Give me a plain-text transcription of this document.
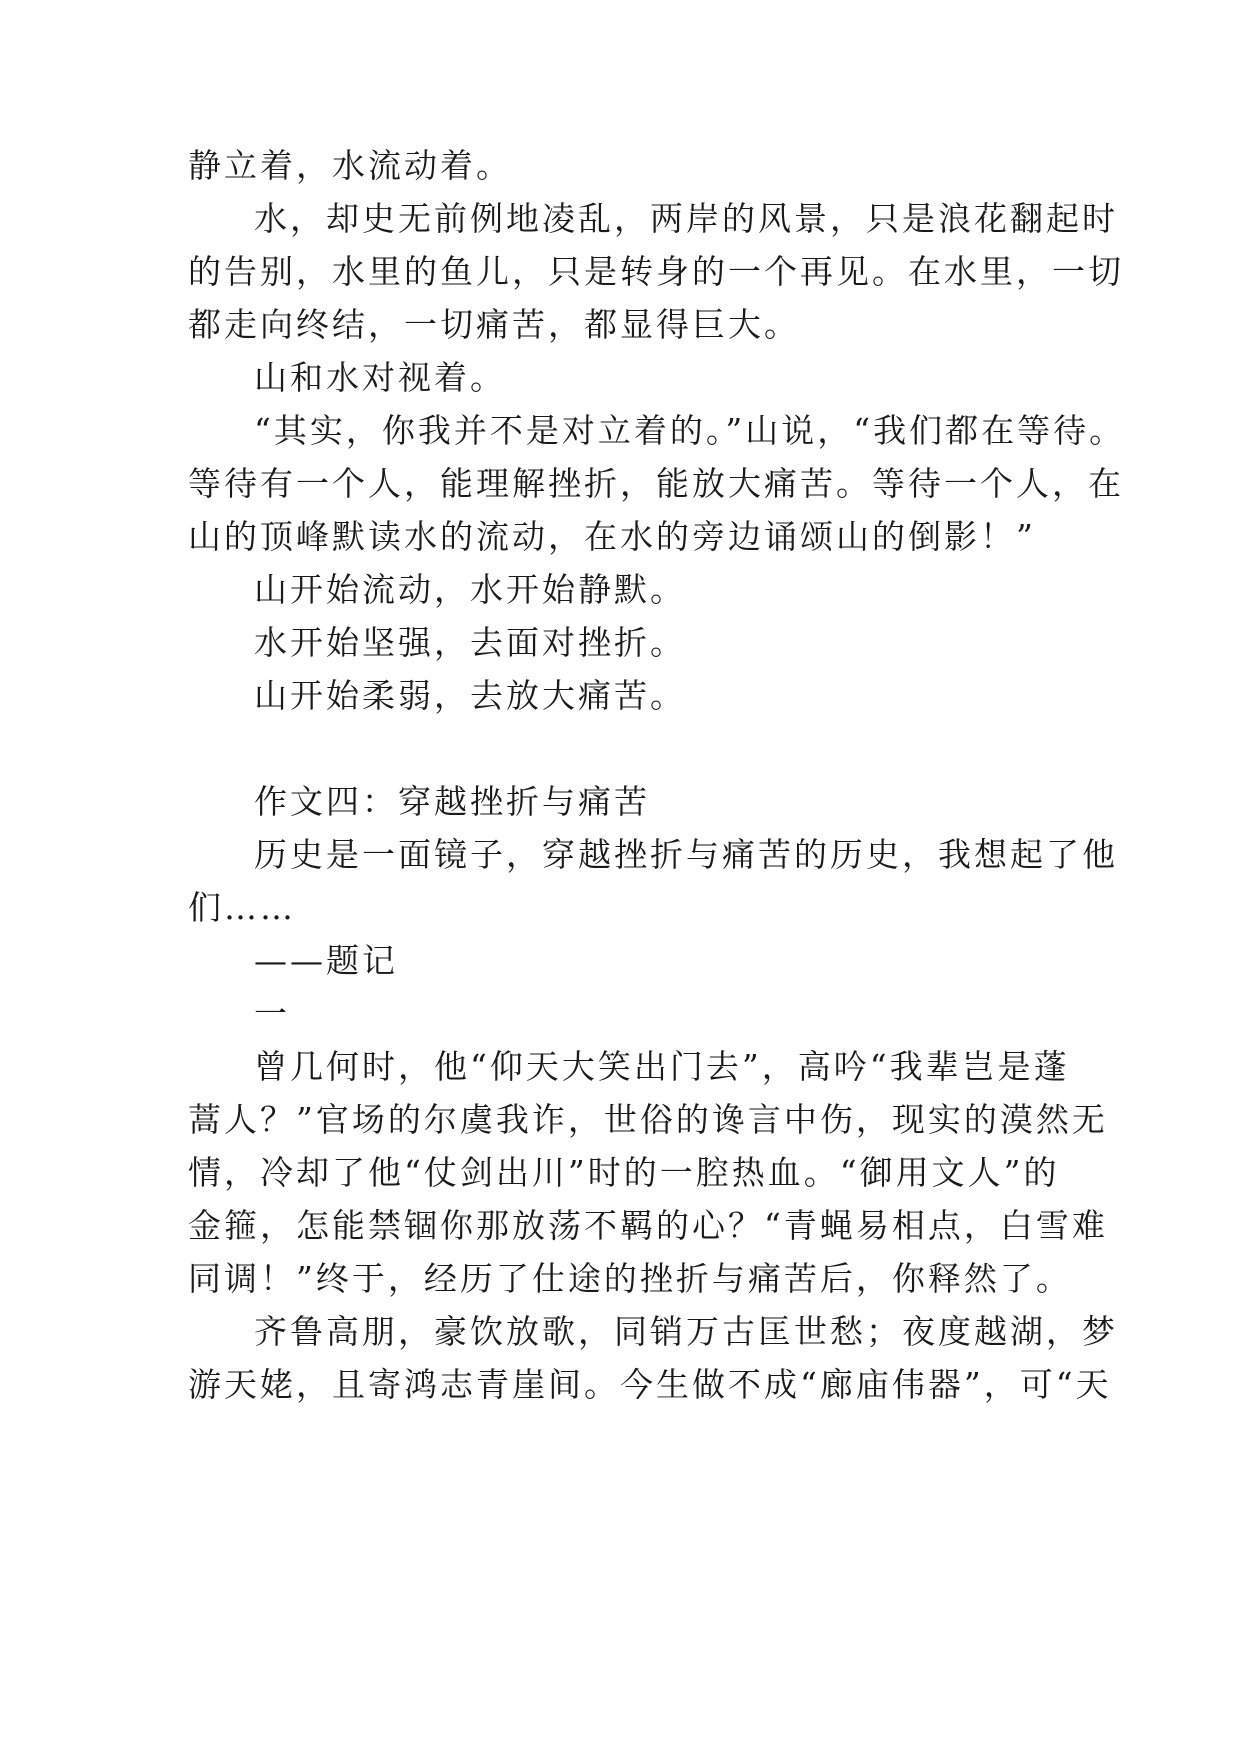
静立着，水流动着。
水，却史无前例地凌乱，两岸的风景，只是浪花翻起时
的告别，水里的鱼儿，只是转身的一个再见。在水里，一切
都走向终结，一切痛苦，都显得巨大。
山和水对视着。
“其实，你我并不是对立着的。”山说，“我们都在等待。
等待有一个人，能理解挫折，能放大痛苦。等待一个人，在
山的顶峰默读水的流动，在水的旁边诵颂山的倒影！”
山开始流动，水开始静默。
水开始坚强，去面对挫折。
山开始柔弱，去放大痛苦。
作文四：穿越挫折与痛苦
历史是一面镜子，穿越挫折与痛苦的历史，我想起了他
们……
——题记
一
曾几何时，他“仰天大笑出门去”，高吟“我辈岂是蓬
蒿人？”官场的尔虞我诈，世俗的谗言中伤，现实的漠然无
情，冷却了他“仗剑出川”时的一腔热血。“御用文人”的
金箍，怎能禁锢你那放荡不羁的心？“青蝇易相点，白雪难
同调！”终于，经历了仕途的挫折与痛苦后，你释然了。
齐鲁高朋，豪饮放歌，同销万古匡世愁；夜度越湖，梦
游天姥，且寄鸿志青崖间。今生做不成“廊庙伟器”，可“天
